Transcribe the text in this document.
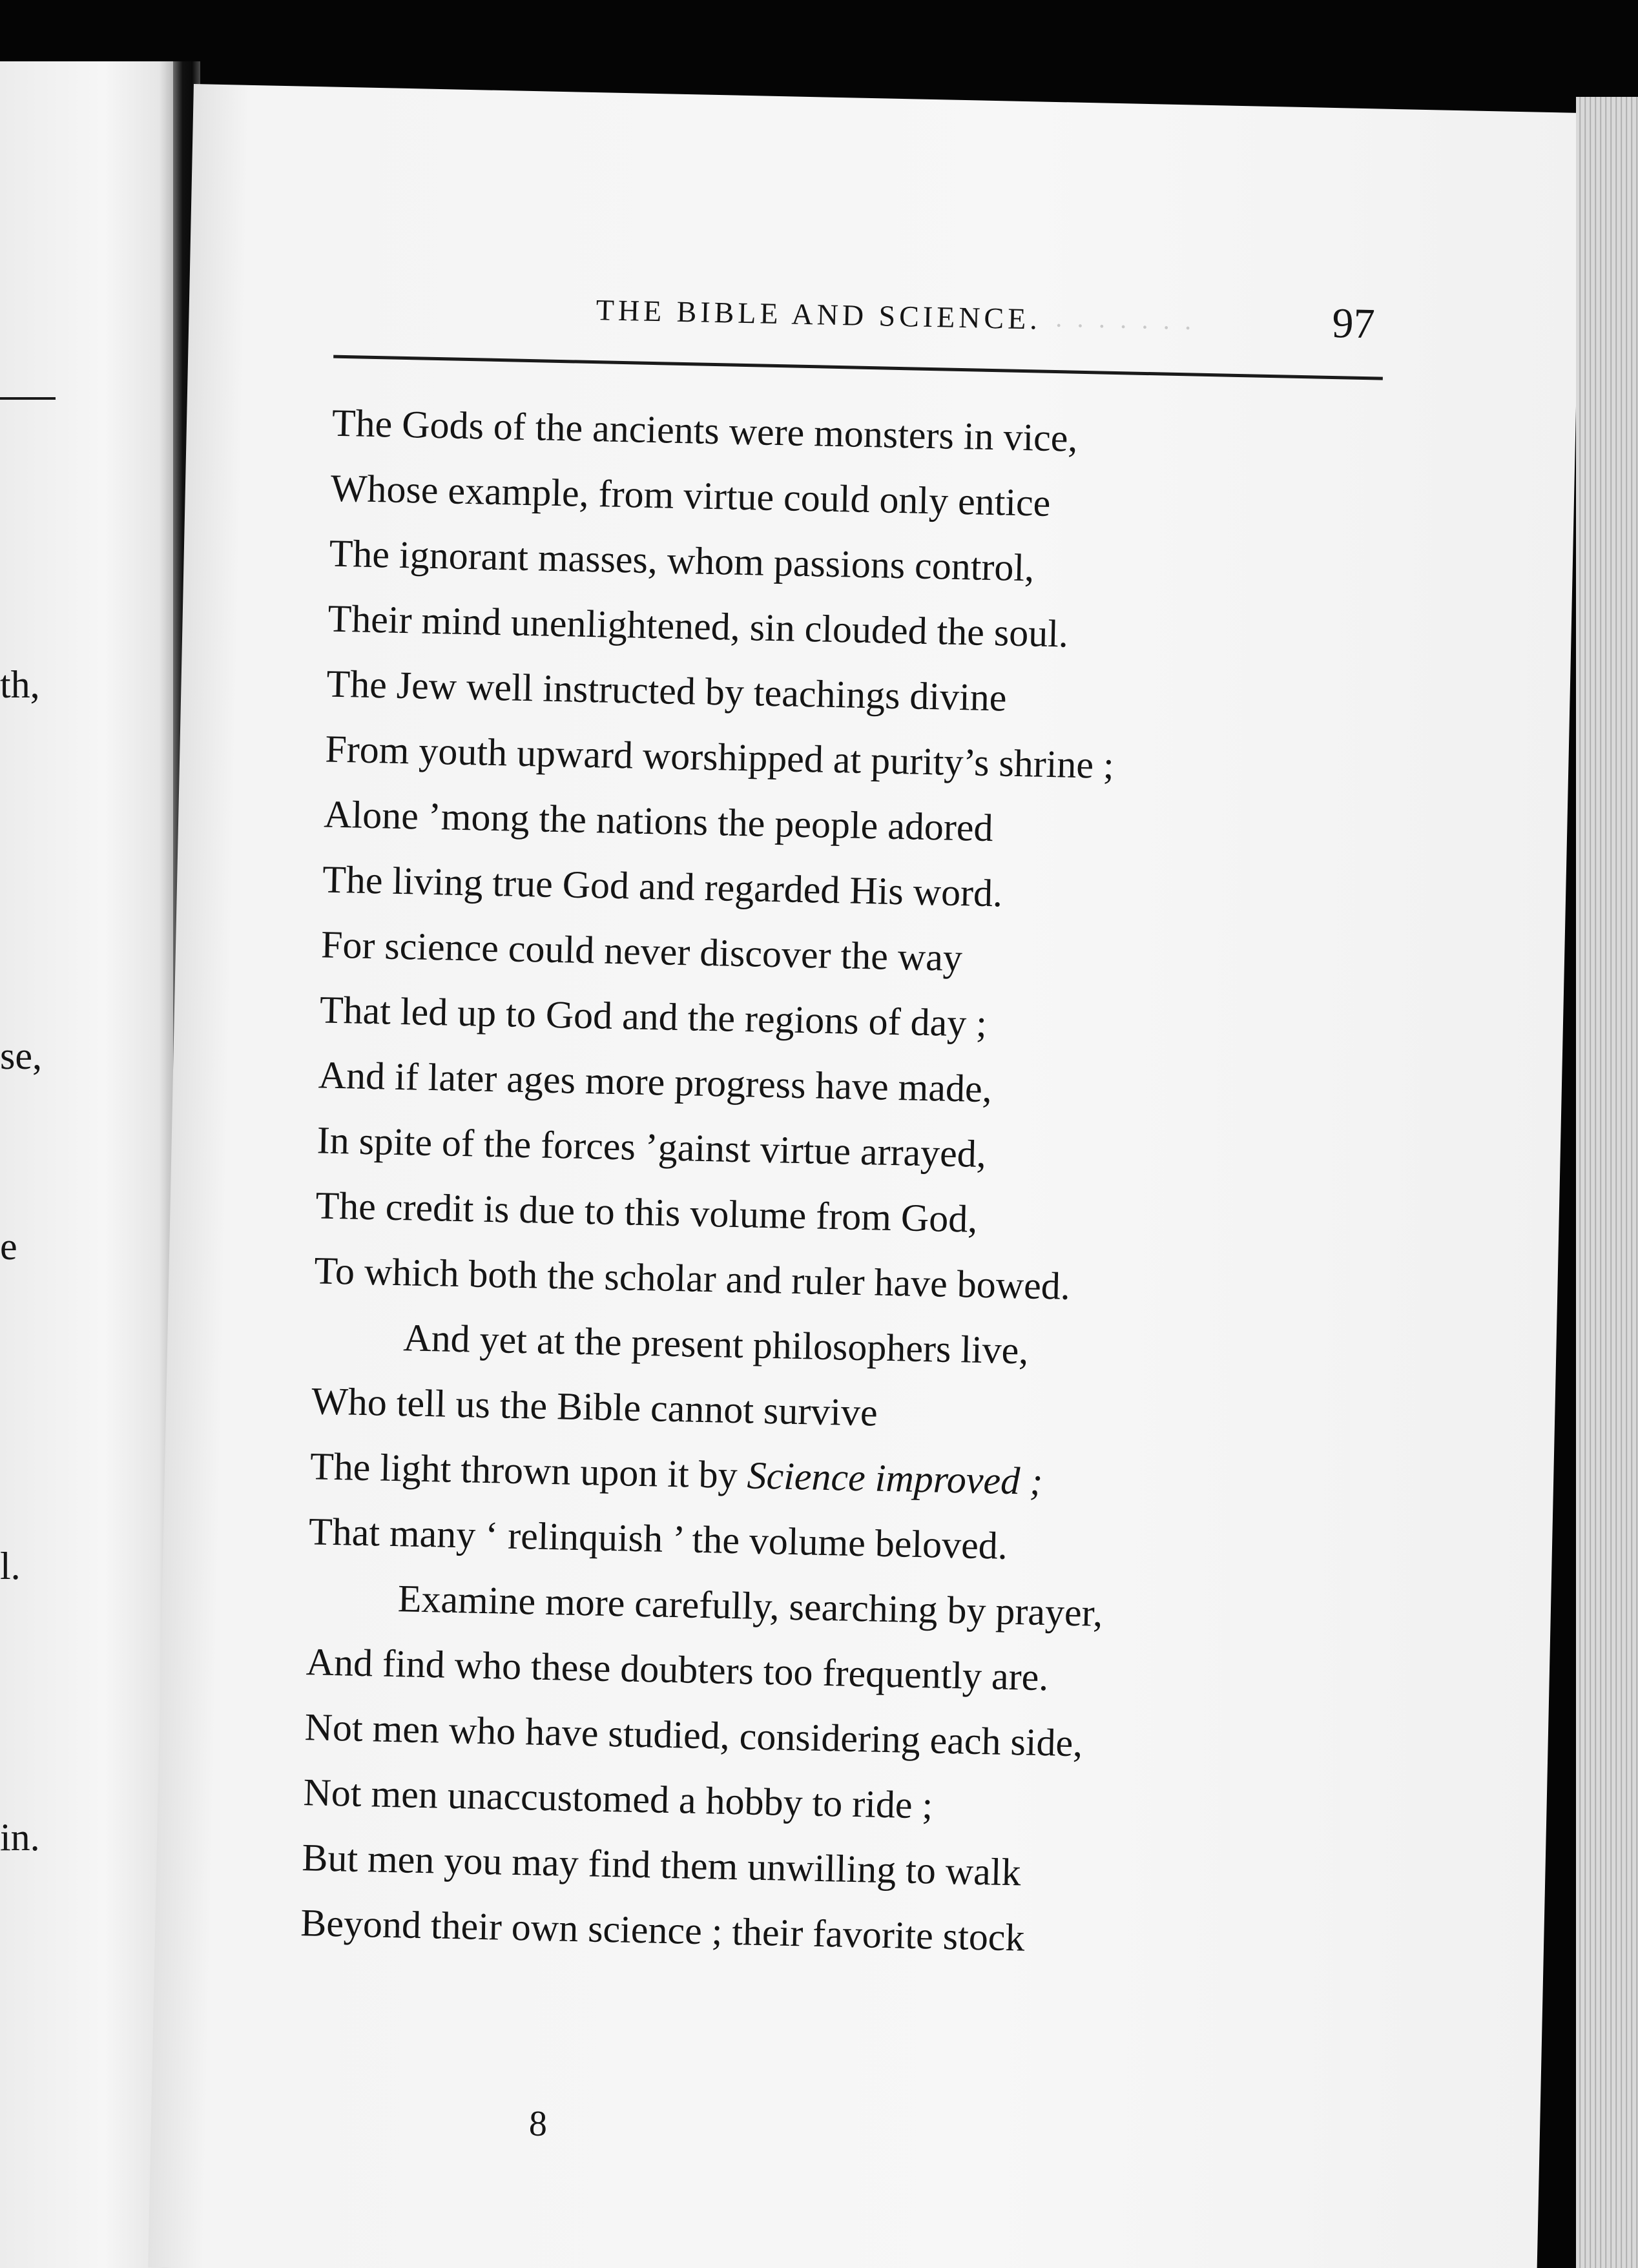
th,
se,
e
l.
in.
· · · · · · ·
THE BIBLE AND SCIENCE.	97
The Gods of the ancients were monsters in vice,
Whose example, from virtue could only entice
The ignorant masses, whom passions control,
Their mind unenlightened, sin clouded the soul.
The Jew well instructed by teachings divine
From youth upward worshipped at purity’s shrine ;
Alone ’mong the nations the people adored
The living true God and regarded His word.
For science could never discover the way
That led up to God and the regions of day ;
And if later ages more progress have made,
In spite of the forces ’gainst virtue arrayed,
The credit is due to this volume from God,
To which both the scholar and ruler have bowed.
And yet at the present philosophers live,
Who tell us the Bible cannot survive
The light thrown upon it by Science improved ;
That many ‘ relinquish ’ the volume beloved.
Examine more carefully, searching by prayer,
And find who these doubters too frequently are.
Not men who have studied, considering each side,
Not men unaccustomed a hobby to ride ;
But men you may find them unwilling to walk
Beyond their own science ; their favorite stock
8
